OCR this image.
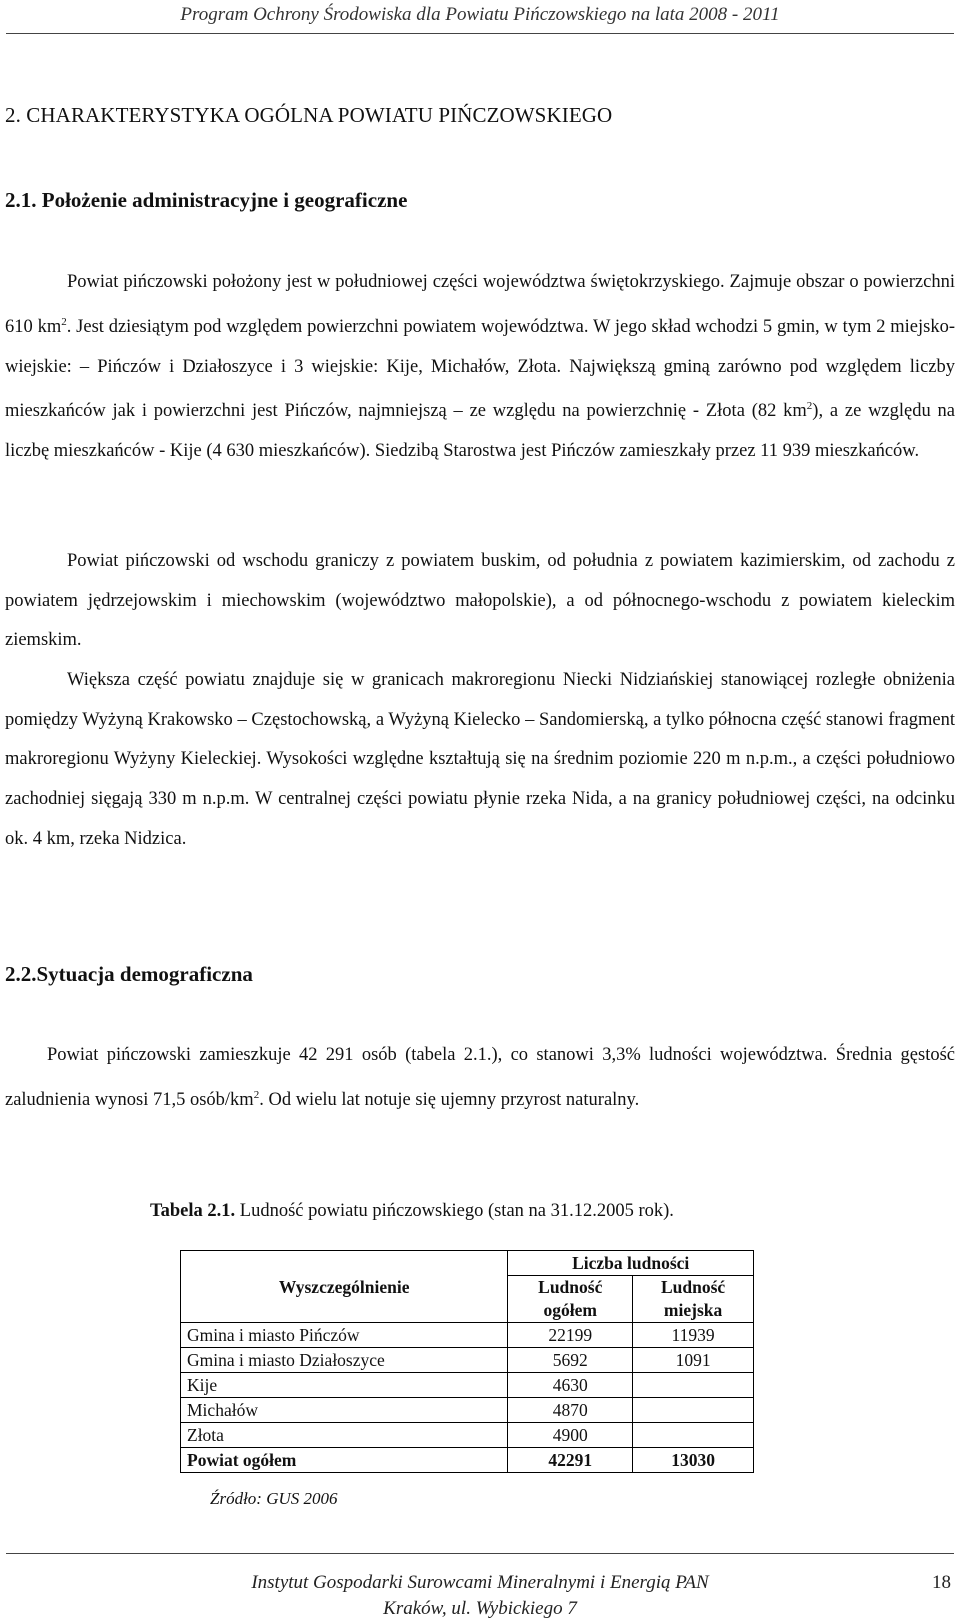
Program Ochrony Środowiska dla Powiatu Pińczowskiego na lata 2008 - 2011
2. CHARAKTERYSTYKA OGÓLNA POWIATU PIŃCZOWSKIEGO
2.1. Położenie administracyjne i geograficzne

Powiat pińczowski położony jest w południowej części województwa świętokrzyskiego. Zajmuje obszar o powierzchni 610 $km^2$. Jest dziesiątym pod względem powierzchni powiatem województwa. W jego skład wchodzi 5 gmin, w tym 2 miejsko-wiejskie: – Pińczów i Działoszyce i 3 wiejskie: Kije, Michałów, Złota. Największą gminą zarówno pod względem liczby mieszkańców jak i powierzchni jest Pińczów, najmniejszą – ze względu na powierzchnię - Złota (82 $km^2$), a ze względu na liczbę mieszkańców - Kije (4 630 mieszkańców). Siedzibą Starostwa jest Pińczów zamieszkały przez 11 939 mieszkańców.

Powiat pińczowski od wschodu graniczy z powiatem buskim, od południa z powiatem kazimierskim, od zachodu z powiatem jędrzejowskim i miechowskim (województwo małopolskie), a od północnego-wschodu z powiatem kieleckim ziemskim.

Większa część powiatu znajduje się w granicach makroregionu Niecki Nidziańskiej stanowiącej rozległe obniżenia pomiędzy Wyżyną Krakowsko – Częstochowską, a Wyżyną Kielecko – Sandomierską, a tylko północna część stanowi fragment makroregionu Wyżyny Kieleckiej. Wysokości względne kształtują się na średnim poziomie 220 m n.p.m., a części południowo zachodniej sięgają 330 m n.p.m. W centralnej części powiatu płynie rzeka Nida, a na granicy południowej części, na odcinku ok. 4 km, rzeka Nidzica.

2.2.Sytuacja demograficzna

Powiat pińczowski zamieszkuje 42 291 osób (tabela 2.1.), co stanowi 3,3% ludności województwa. Średnia gęstość zaludnienia wynosi 71,5 osób/$km^2$. Od wielu lat notuje się ujemny przyrost naturalny.

Tabela 2.1. Ludność powiatu pińczowskiego (stan na 31.12.2005 rok).

Wyszczególnienie	Liczba ludności	
	Ludność ogółem	Ludność miejska

Gmina i miasto Pińczów	22199	11939
Gmina i miasto Działoszyce	5692	1091
Kije	4630	
Michałów	4870	
Złota	4900	
Powiat ogółem	42291	13030
Źródło: GUS 2006
Instytut Gospodarki Surowcami Mineralnymi i Energią PAN
Kraków, ul. Wybickiego 7
18
